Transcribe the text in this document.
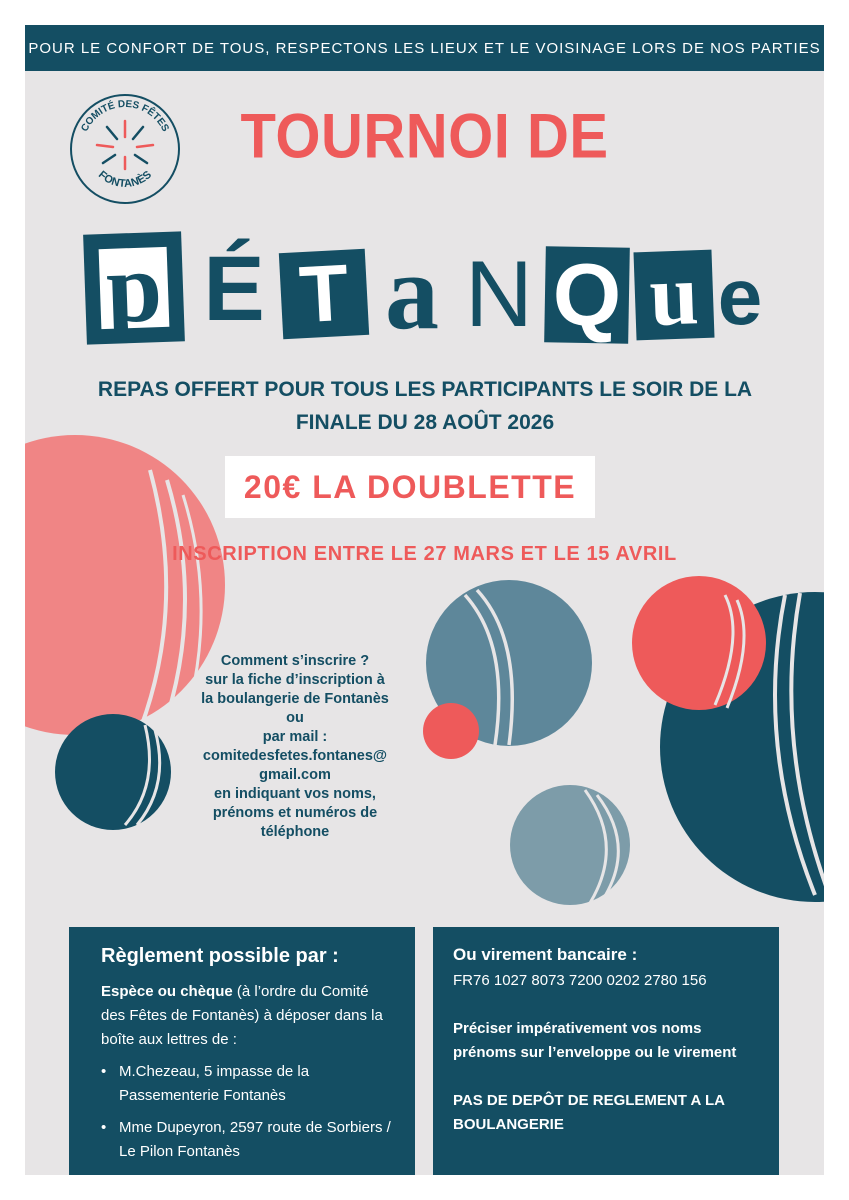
POUR LE CONFORT DE TOUS, RESPECTONS LES LIEUX ET LE VOISINAGE LORS DE NOS PARTIES
COMITÉ DES FÊTES
FONTANÈS
TOURNOI DE
p É T a N Q u e
REPAS OFFERT POUR TOUS LES PARTICIPANTS LE SOIR DE LA
FINALE DU 28 AOÛT 2026
20€ LA DOUBLETTE
INSCRIPTION ENTRE LE 27 MARS ET LE 15 AVRIL
Comment s’inscrire ?
sur la fiche d’inscription à
la boulangerie de Fontanès
ou
par mail :
comitedesfetes.fontanes@
gmail.com
en indiquant vos noms,
prénoms et numéros de
téléphone
Règlement possible par :

Espèce ou chèque (à l’ordre du Comité des Fêtes de Fontanès) à déposer dans la boîte aux lettres de :

• M.Chezeau, 5 impasse de la Passementerie Fontanès
• Mme Dupeyron, 2597 route de Sorbiers / Le Pilon Fontanès
Ou virement bancaire :

FR76 1027 8073 7200 0202 2780 156

Préciser impérativement vos noms prénoms sur l’enveloppe ou le virement

PAS DE DEPÔT DE REGLEMENT A LA BOULANGERIE
